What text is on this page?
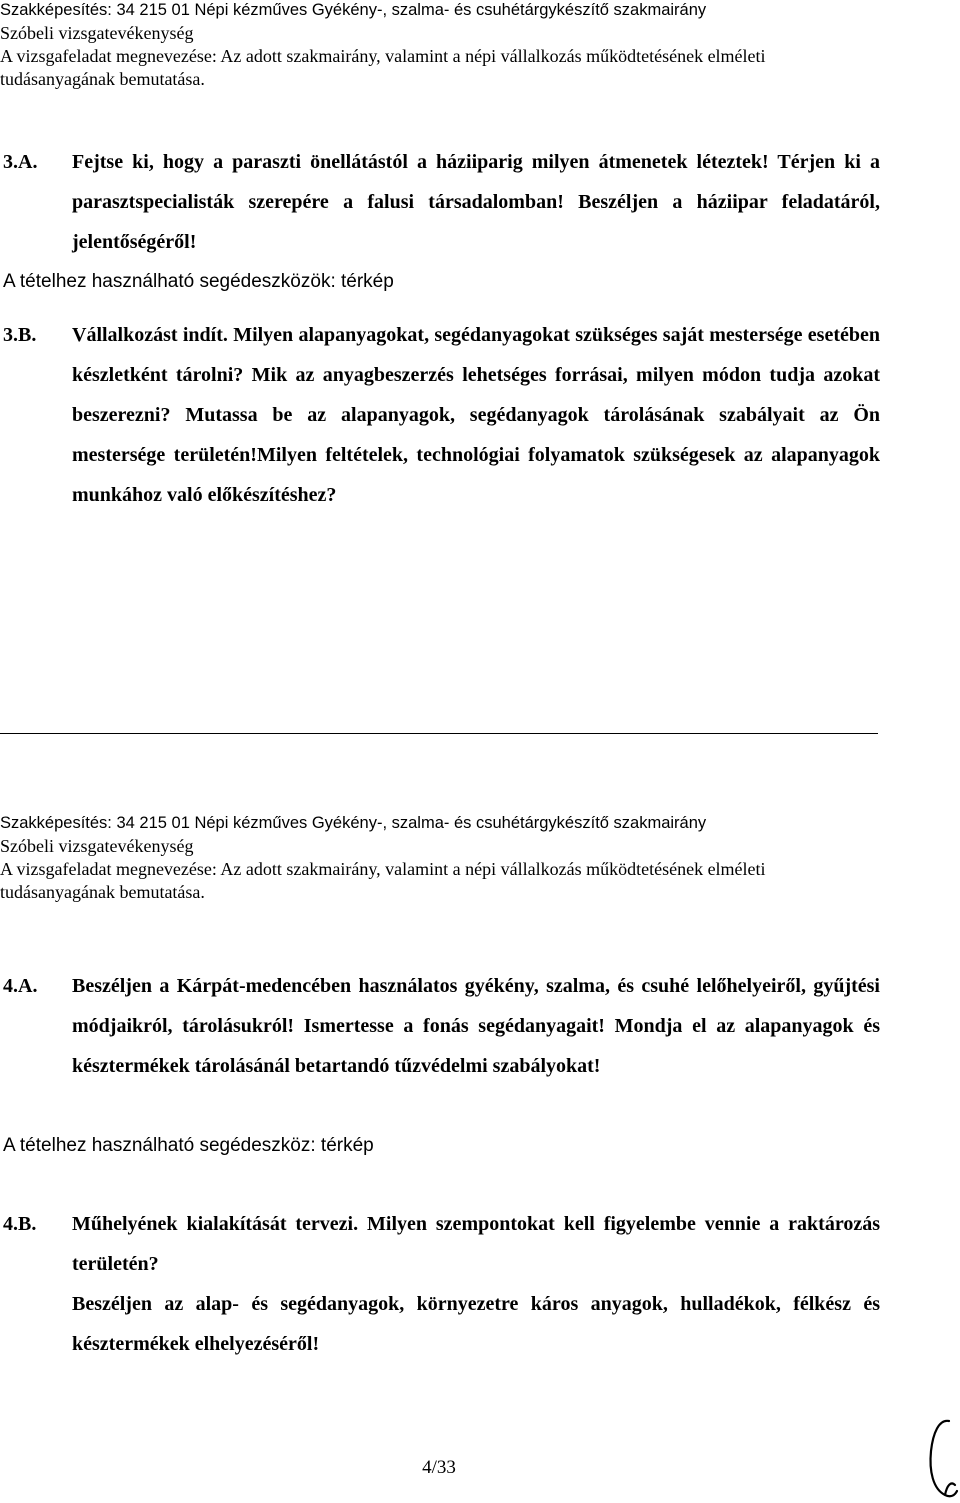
Szakképesítés: 34 215 01 Népi kézműves Gyékény-, szalma- és csuhétárgykészítő szakmairány
Szóbeli vizsgatevékenység
A vizsgafeladat megnevezése: Az adott szakmairány, valamint a népi vállalkozás működtetésének elméleti
tudásanyagának bemutatása.
3.A. Fejtse ki, hogy a paraszti önellátástól a háziiparig milyen átmenetek léteztek! Térjen ki a parasztspecialisták szerepére a falusi társadalomban! Beszéljen a háziipar feladatáról, jelentőségéről!
A tételhez használható segédeszközök: térkép
3.B. Vállalkozást indít. Milyen alapanyagokat, segédanyagokat szükséges saját mestersége esetében készletként tárolni? Mik az anyagbeszerzés lehetséges forrásai, milyen módon tudja azokat beszerezni? Mutassa be az alapanyagok, segédanyagok tárolásának szabályait az Ön mestersége területén!Milyen feltételek, technológiai folyamatok szükségesek az alapanyagok munkához való előkészítéshez?
Szakképesítés: 34 215 01 Népi kézműves Gyékény-, szalma- és csuhétárgykészítő szakmairány
Szóbeli vizsgatevékenység
A vizsgafeladat megnevezése: Az adott szakmairány, valamint a népi vállalkozás működtetésének elméleti
tudásanyagának bemutatása.
4.A. Beszéljen a Kárpát-medencében használatos gyékény, szalma, és csuhé lelőhelyeiről, gyűjtési módjaikról, tárolásukról! Ismertesse a fonás segédanyagait! Mondja el az alapanyagok és késztermékek tárolásánál betartandó tűzvédelmi szabályokat!
A tételhez használható segédeszköz: térkép
4.B. Műhelyének kialakítását tervezi. Milyen szempontokat kell figyelembe vennie a raktározás területén?
Beszéljen az alap- és segédanyagok, környezetre káros anyagok, hulladékok, félkész és késztermékek elhelyezéséről!
4/33
